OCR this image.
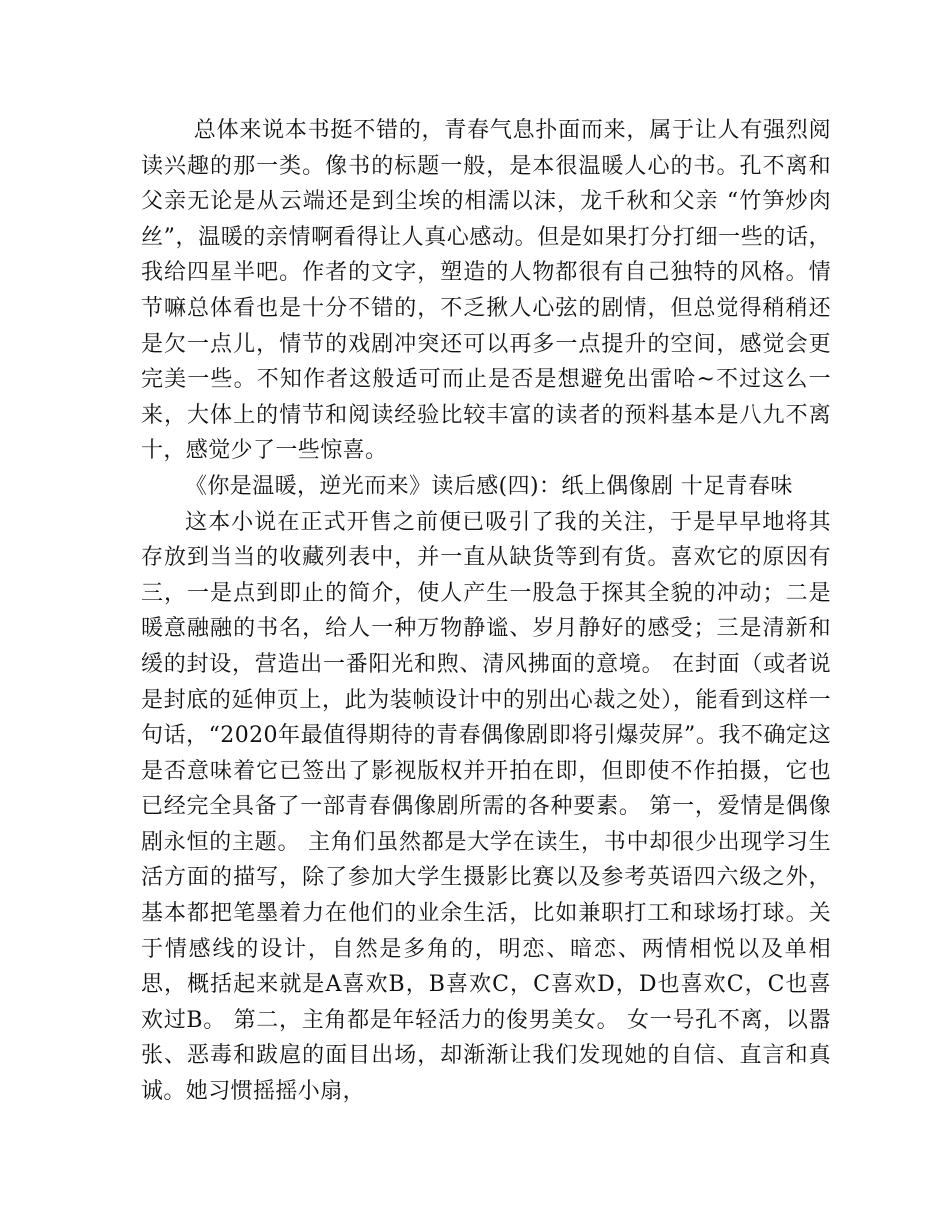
总体来说本书挺不错的，青春气息扑面而来，属于让人有强烈阅读兴趣的那一类。像书的标题一般，是本很温暖人心的书。孔不离和父亲无论是从云端还是到尘埃的相濡以沫，龙千秋和父亲 “竹笋炒肉丝”，温暖的亲情啊看得让人真心感动。但是如果打分打细一些的话，我给四星半吧。作者的文字，塑造的人物都很有自己独特的风格。情节嘛总体看也是十分不错的，不乏揪人心弦的剧情，但总觉得稍稍还是欠一点儿，情节的戏剧冲突还可以再多一点提升的空间，感觉会更完美一些。不知作者这般适可而止是否是想避免出雷哈~不过这么一来，大体上的情节和阅读经验比较丰富的读者的预料基本是八九不离十，感觉少了一些惊喜。

《你是温暖，逆光而来》读后感(四)：纸上偶像剧 十足青春味

这本小说在正式开售之前便已吸引了我的关注，于是早早地将其存放到当当的收藏列表中，并一直从缺货等到有货。喜欢它的原因有三，一是点到即止的简介，使人产生一股急于探其全貌的冲动；二是暖意融融的书名，给人一种万物静谧、岁月静好的感受；三是清新和缓的封设，营造出一番阳光和煦、清风拂面的意境。 在封面（或者说是封底的延伸页上，此为装帧设计中的别出心裁之处），能看到这样一句话，“2020年最值得期待的青春偶像剧即将引爆荧屏”。我不确定这是否意味着它已签出了影视版权并开拍在即，但即使不作拍摄，它也已经完全具备了一部青春偶像剧所需的各种要素。 第一，爱情是偶像剧永恒的主题。 主角们虽然都是大学在读生，书中却很少出现学习生活方面的描写，除了参加大学生摄影比赛以及参考英语四六级之外，基本都把笔墨着力在他们的业余生活，比如兼职打工和球场打球。关于情感线的设计，自然是多角的，明恋、暗恋、两情相悦以及单相思，概括起来就是A喜欢B，B喜欢C，C喜欢D，D也喜欢C，C也喜欢过B。 第二，主角都是年轻活力的俊男美女。 女一号孔不离，以嚣张、恶毒和跋扈的面目出场，却渐渐让我们发现她的自信、直言和真诚。她习惯摇摇小扇，
